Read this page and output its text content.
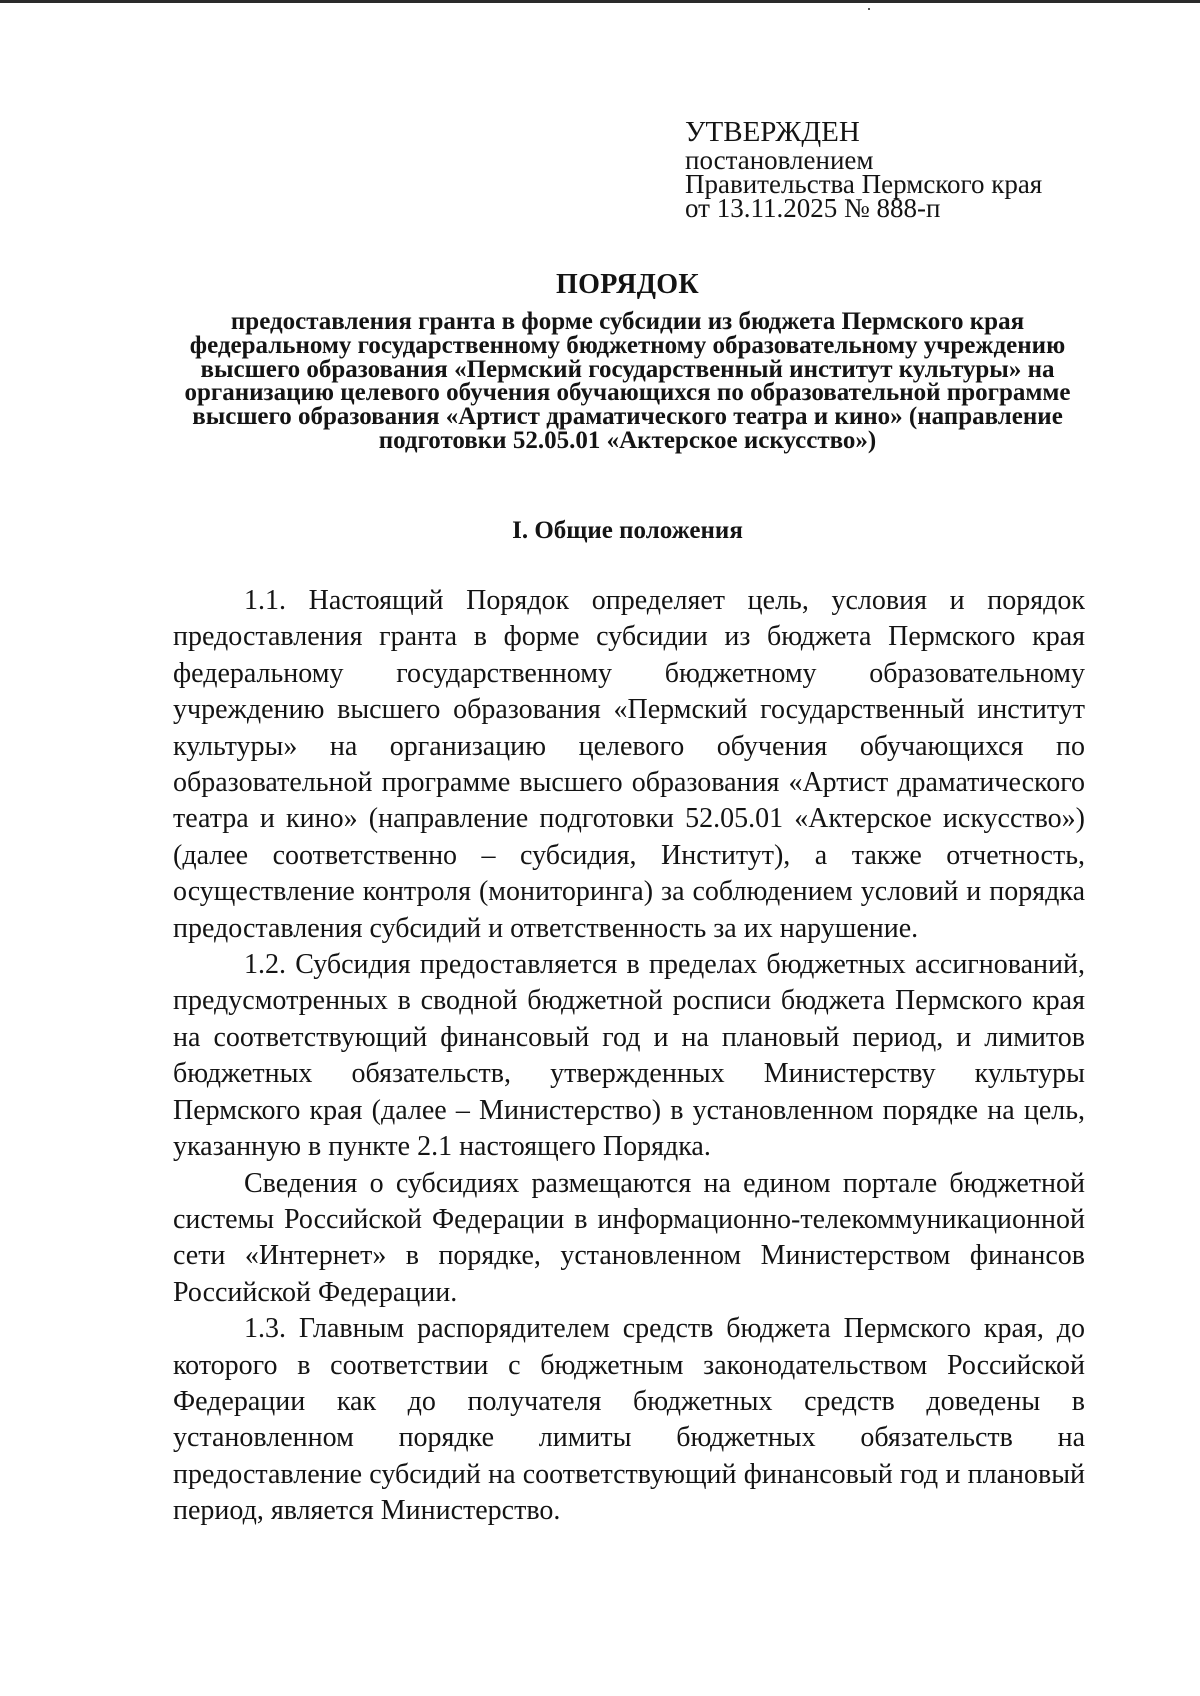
УТВЕРЖДЕН
постановлением
Правительства Пермского края
от 13.11.2025 № 888-п
ПОРЯДОК
предоставления гранта в форме субсидии из бюджета Пермского края федеральному государственному бюджетному образовательному учреждению высшего образования «Пермский государственный институт культуры» на организацию целевого обучения обучающихся по образовательной программе высшего образования «Артист драматического театра и кино» (направление подготовки 52.05.01 «Актерское искусство»)
I. Общие положения

1.1. Настоящий Порядок определяет цель, условия и порядок предоставления гранта в форме субсидии из бюджета Пермского края федеральному государственному бюджетному образовательному учреждению высшего образования «Пермский государственный институт культуры» на организацию целевого обучения обучающихся по образовательной программе высшего образования «Артист драматического театра и кино» (направление подготовки 52.05.01 «Актерское искусство») (далее соответственно – субсидия, Институт), а также отчетность, осуществление контроля (мониторинга) за соблюдением условий и порядка предоставления субсидий и ответственность за их нарушение.

1.2. Субсидия предоставляется в пределах бюджетных ассигнований, предусмотренных в сводной бюджетной росписи бюджета Пермского края на соответствующий финансовый год и на плановый период, и лимитов бюджетных обязательств, утвержденных Министерству культуры Пермского края (далее – Министерство) в установленном порядке на цель, указанную в пункте 2.1 настоящего Порядка.

Сведения о субсидиях размещаются на едином портале бюджетной системы Российской Федерации в информационно-телекоммуникационной сети «Интернет» в порядке, установленном Министерством финансов Российской Федерации.

1.3. Главным распорядителем средств бюджета Пермского края, до которого в соответствии с бюджетным законодательством Российской Федерации как до получателя бюджетных средств доведены в установленном порядке лимиты бюджетных обязательств на предоставление субсидий на соответствующий финансовый год и плановый период, является Министерство.
